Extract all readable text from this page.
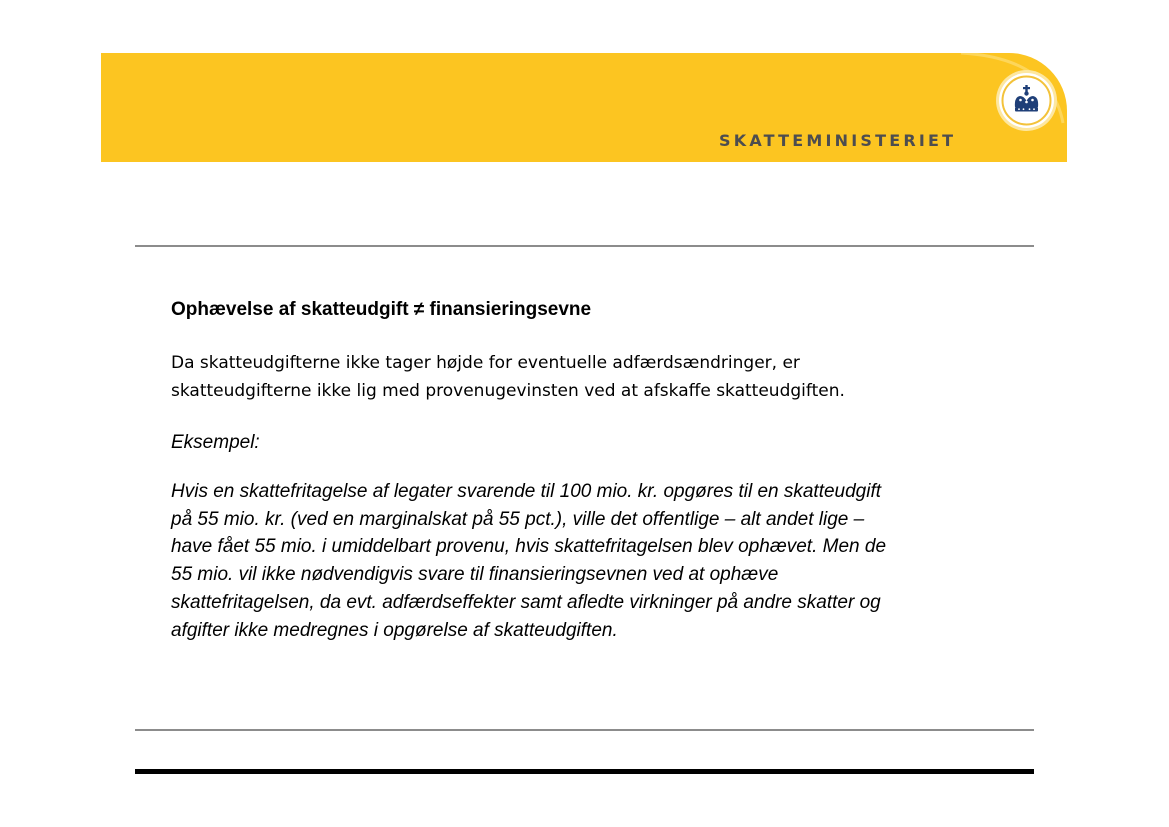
SKATTEMINISTERIET

Ophævelse af skatteudgift ≠ finansieringsevne

Da skatteudgifterne ikke tager højde for eventuelle adfærdsændringer, er
skatteudgifterne ikke lig med provenugevinsten ved at afskaffe skatteudgiften.

Eksempel:

Hvis en skattefritagelse af legater svarende til 100 mio. kr. opgøres til en skatteudgift
på 55 mio. kr. (ved en marginalskat på 55 pct.), ville det offentlige – alt andet lige –
have fået 55 mio. i umiddelbart provenu, hvis skattefritagelsen blev ophævet. Men de
55 mio. vil ikke nødvendigvis svare til finansieringsevnen ved at ophæve
skattefritagelsen, da evt. adfærdseffekter samt afledte virkninger på andre skatter og
afgifter ikke medregnes i opgørelse af skatteudgiften.
